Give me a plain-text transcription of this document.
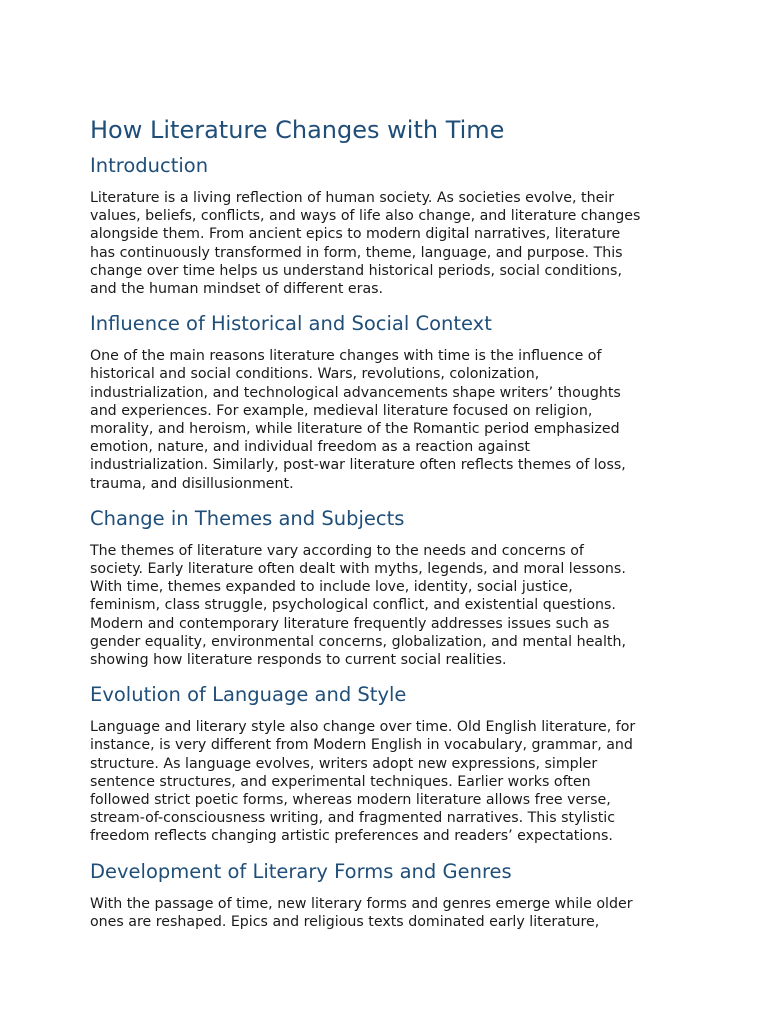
How Literature Changes with Time
Introduction

Literature is a living reflection of human society. As societies evolve, their
values, beliefs, conflicts, and ways of life also change, and literature changes
alongside them. From ancient epics to modern digital narratives, literature
has continuously transformed in form, theme, language, and purpose. This
change over time helps us understand historical periods, social conditions,
and the human mindset of different eras.

Influence of Historical and Social Context

One of the main reasons literature changes with time is the influence of
historical and social conditions. Wars, revolutions, colonization,
industrialization, and technological advancements shape writers’ thoughts
and experiences. For example, medieval literature focused on religion,
morality, and heroism, while literature of the Romantic period emphasized
emotion, nature, and individual freedom as a reaction against
industrialization. Similarly, post-war literature often reflects themes of loss,
trauma, and disillusionment.

Change in Themes and Subjects

The themes of literature vary according to the needs and concerns of
society. Early literature often dealt with myths, legends, and moral lessons.
With time, themes expanded to include love, identity, social justice,
feminism, class struggle, psychological conflict, and existential questions.
Modern and contemporary literature frequently addresses issues such as
gender equality, environmental concerns, globalization, and mental health,
showing how literature responds to current social realities.

Evolution of Language and Style

Language and literary style also change over time. Old English literature, for
instance, is very different from Modern English in vocabulary, grammar, and
structure. As language evolves, writers adopt new expressions, simpler
sentence structures, and experimental techniques. Earlier works often
followed strict poetic forms, whereas modern literature allows free verse,
stream-of-consciousness writing, and fragmented narratives. This stylistic
freedom reflects changing artistic preferences and readers’ expectations.

Development of Literary Forms and Genres

With the passage of time, new literary forms and genres emerge while older
ones are reshaped. Epics and religious texts dominated early literature,
